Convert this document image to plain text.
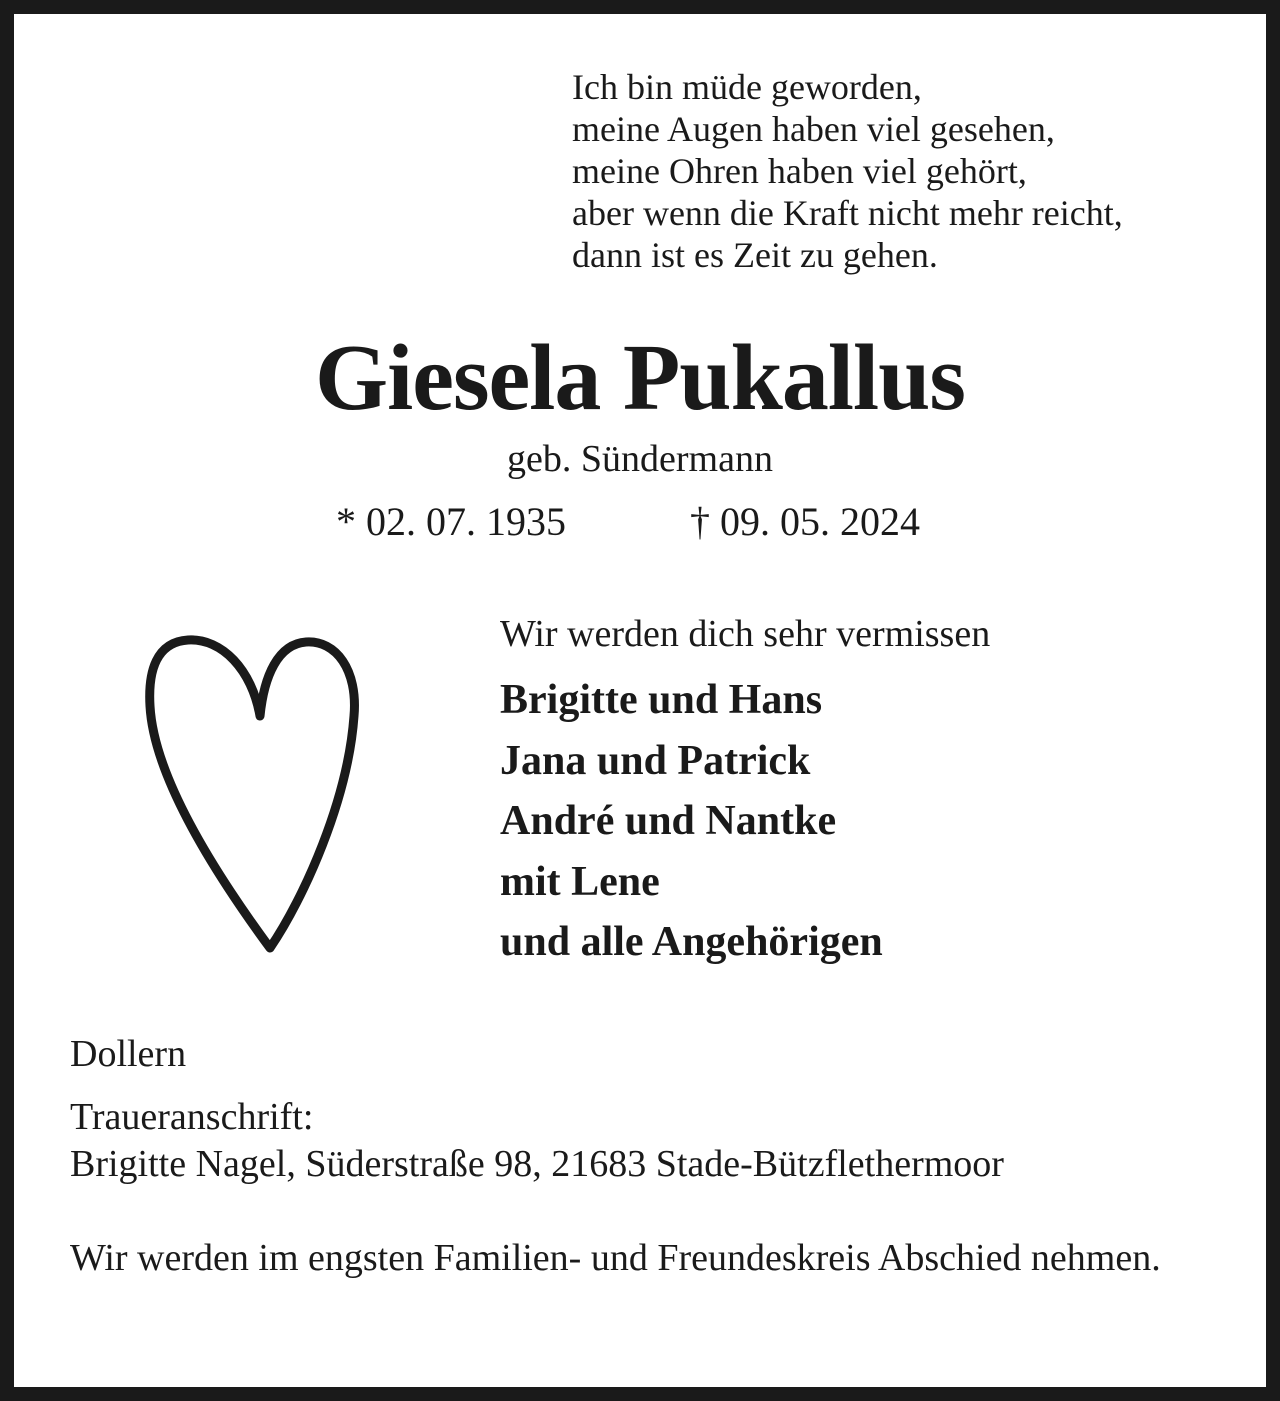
Ich bin müde geworden,
meine Augen haben viel gesehen,
meine Ohren haben viel gehört,
aber wenn die Kraft nicht mehr reicht,
dann ist es Zeit zu gehen.
Giesela Pukallus
geb. Sündermann
* 02. 07. 1935	† 09. 05. 2024
Wir werden dich sehr vermissen
Brigitte und Hans
Jana und Patrick
André und Nantke
mit Lene
und alle Angehörigen
Dollern
Traueranschrift:
Brigitte Nagel, Süderstraße 98, 21683 Stade-Bützflethermoor
Wir werden im engsten Familien- und Freundeskreis Abschied nehmen.
